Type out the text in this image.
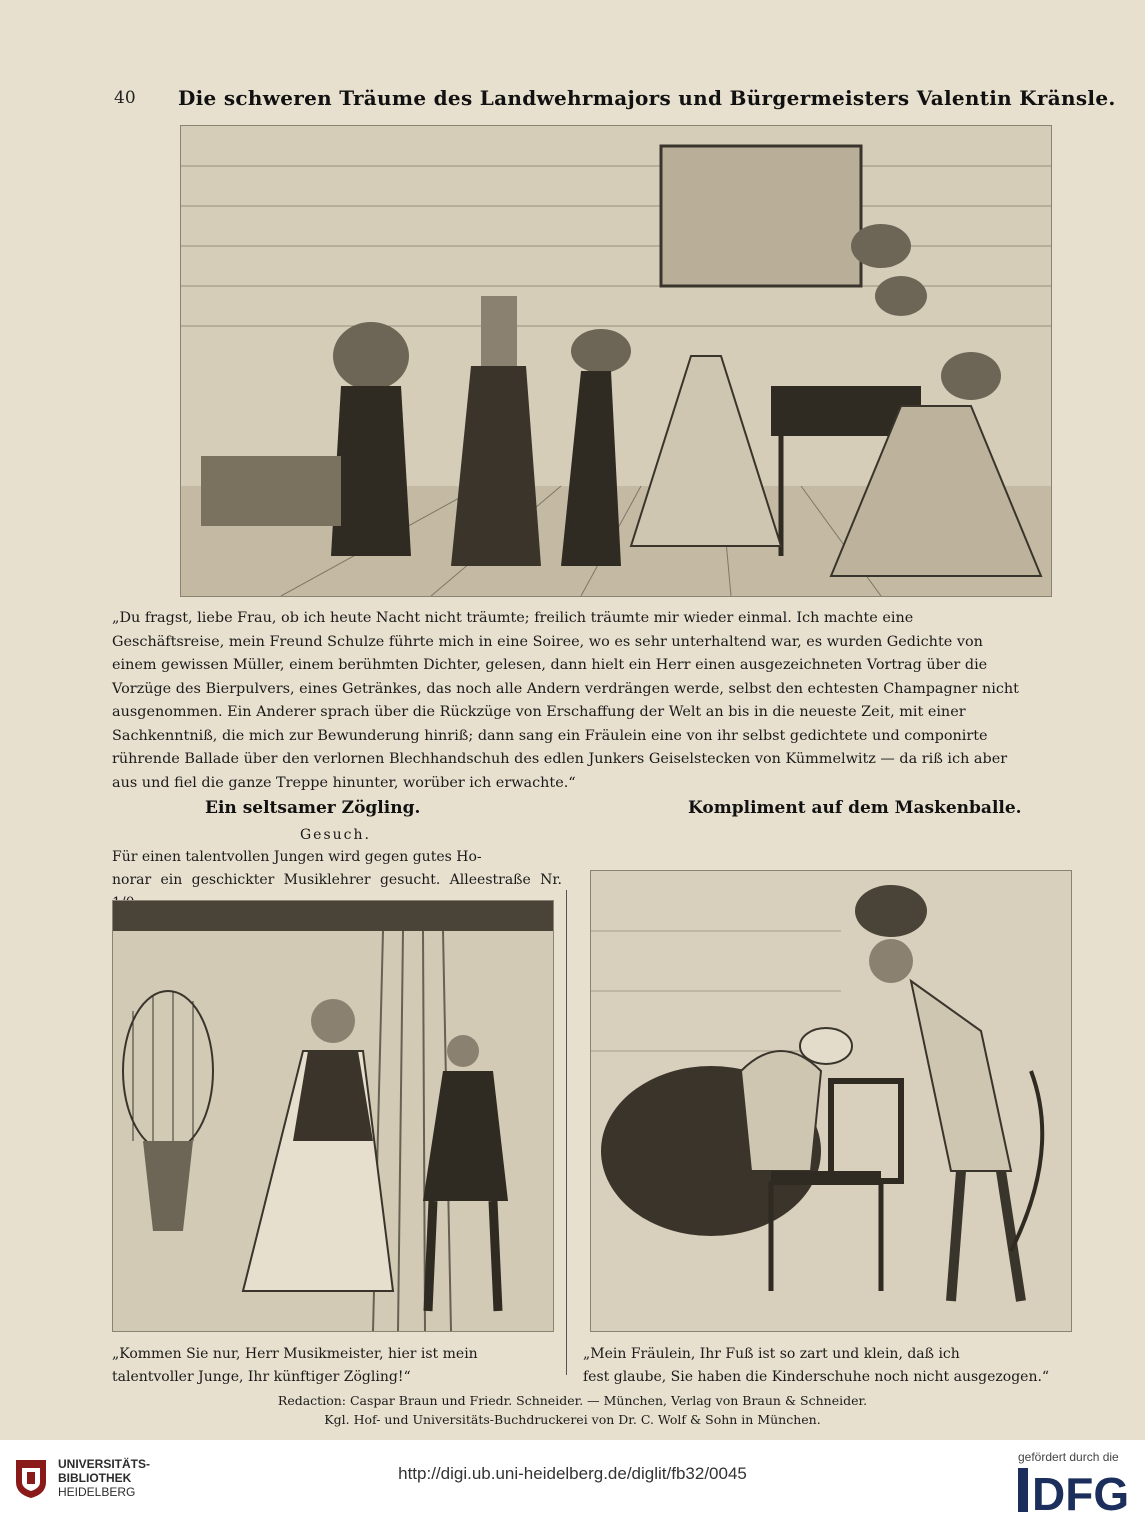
40 Die schweren Träume des Landwehrmajors und Bürgermeisters Valentin Kränsle.
„Du fragst, liebe Frau, ob ich heute Nacht nicht träumte; freilich träumte mir wieder einmal. Ich machte eine
Geschäftsreise, mein Freund Schulze führte mich in eine Soiree, wo es sehr unterhaltend war, es wurden Gedichte von
einem gewissen Müller, einem berühmten Dichter, gelesen, dann hielt ein Herr einen ausgezeichneten Vortrag über die
Vorzüge des Bierpulvers, eines Getränkes, das noch alle Andern verdrängen werde, selbst den echtesten Champagner nicht
ausgenommen. Ein Anderer sprach über die Rückzüge von Erschaffung der Welt an bis in die neueste Zeit, mit einer
Sachkenntniß, die mich zur Bewunderung hinriß; dann sang ein Fräulein eine von ihr selbst gedichtete und componirte
rührende Ballade über den verlornen Blechhandschuh des edlen Junkers Geiselstecken von Kümmelwitz — da riß ich aber
aus und fiel die ganze Treppe hinunter, worüber ich erwachte.“
Ein seltsamer Zögling.
Gesuch.
Für einen talentvollen Jungen wird gegen gutes Ho-
norar ein geschickter Musiklehrer gesucht. Alleestraße Nr.
„Kommen Sie nur, Herr Musikmeister, hier ist mein
talentvoller Junge, Ihr künftiger Zögling!“
Kompliment auf dem Maskenballe.
„Mein Fräulein, Ihr Fuß ist so zart und klein, daß ich
fest glaube, Sie haben die Kinderschuhe noch nicht ausgezogen.“
Redaction: Caspar Braun und Friedr. Schneider. — München, Verlag von Braun & Schneider.
Kgl. Hof- und Universitäts-Buchdruckerei von Dr. C. Wolf & Sohn in München.
UNIVERSITÄTS-
BIBLIOTHEK
HEIDELBERG
http://digi.ub.uni-heidelberg.de/diglit/fb32/0045
gefördert durch die
DFG
